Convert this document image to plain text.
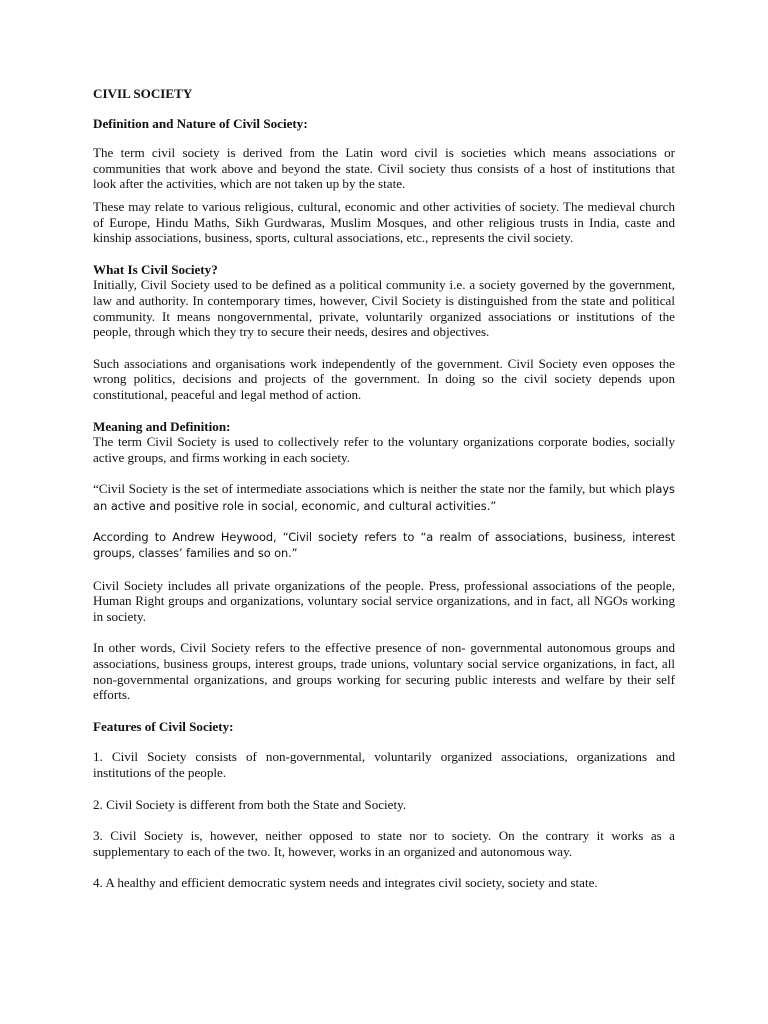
CIVIL SOCIETY
Definition and Nature of Civil Society:

The term civil society is derived from the Latin word civil is societies which means associations or communities that work above and beyond the state. Civil society thus consists of a host of institutions that look after the activities, which are not taken up by the state.

These may relate to various religious, cultural, economic and other activities of society. The medieval church of Europe, Hindu Maths, Sikh Gurdwaras, Muslim Mosques, and other religious trusts in India, caste and kinship associations, business, sports, cultural associations, etc., represents the civil society.

What Is Civil Society?

Initially, Civil Society used to be defined as a political community i.e. a society governed by the government, law and authority. In contemporary times, however, Civil Society is distinguished from the state and political community. It means nongovernmental, private, voluntarily organized associations or institutions of the people, through which they try to secure their needs, desires and objectives.

Such associations and organisations work independently of the government. Civil Society even opposes the wrong politics, decisions and projects of the government. In doing so the civil society depends upon constitutional, peaceful and legal method of action.

Meaning and Definition:

The term Civil Society is used to collectively refer to the voluntary organizations corporate bodies, socially active groups, and firms working in each society.

“Civil Society is the set of intermediate associations which is neither the state nor the family, but which plays an active and positive role in social, economic, and cultural activities.”

According to Andrew Heywood, “Civil society refers to “a realm of associations, business, interest groups, classes’ families and so on.”

Civil Society includes all private organizations of the people. Press, professional associations of the people, Human Right groups and organizations, voluntary social service organizations, and in fact, all NGOs working in society.

In other words, Civil Society refers to the effective presence of non- governmental autonomous groups and associations, business groups, interest groups, trade unions, voluntary social service organizations, in fact, all non-governmental organizations, and groups working for securing public interests and welfare by their self efforts.

Features of Civil Society:

1. Civil Society consists of non-governmental, voluntarily organized associations, organizations and institutions of the people.

2. Civil Society is different from both the State and Society.

3. Civil Society is, however, neither opposed to state nor to society. On the contrary it works as a supplementary to each of the two. It, however, works in an organized and autonomous way.

4. A healthy and efficient democratic system needs and integrates civil society, society and state.
